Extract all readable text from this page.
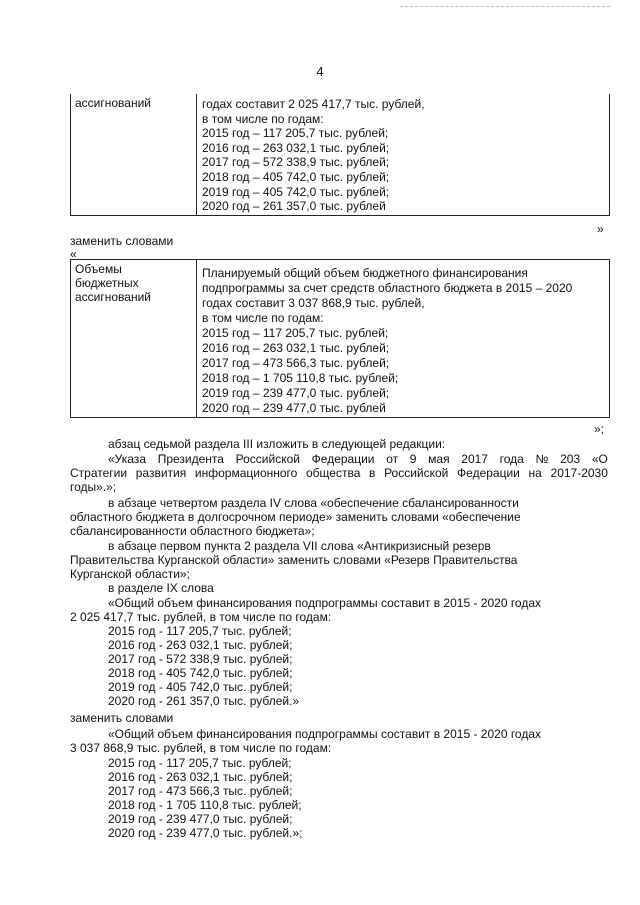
4
ассигнований	годах составит 2 025 417,7 тыс. рублей,
в том числе по годам:
2015 год – 117 205,7 тыс. рублей;
2016 год – 263 032,1 тыс. рублей;
2017 год – 572 338,9 тыс. рублей;
2018 год – 405 742,0 тыс. рублей;
2019 год – 405 742,0 тыс. рублей;
2020 год – 261 357,0 тыс. рублей
»
заменить словами
«
Объемы
бюджетных
ассигнований
Планируемый общий объем бюджетного финансирования
подпрограммы за счет средств областного бюджета в 2015 – 2020
годах составит 3 037 868,9 тыс. рублей,
в том числе по годам:
2015 год – 117 205,7 тыс. рублей;
2016 год – 263 032,1 тыс. рублей;
2017 год – 473 566,3 тыс. рублей;
2018 год – 1 705 110,8 тыс. рублей;
2019 год – 239 477,0 тыс. рублей;
2020 год – 239 477,0 тыс. рублей
»;
абзац седьмой раздела III изложить в следующей редакции:
«Указа Президента Российской Федерации от 9 мая 2017 года № 203 «О
Стратегии развития информационного общества в Российской Федерации на 2017-2030
годы».»;
в абзаце четвертом раздела IV слова «обеспечение сбалансированности
областного бюджета в долгосрочном периоде» заменить словами «обеспечение
сбалансированности областного бюджета»;
в абзаце первом пункта 2 раздела VII слова «Антикризисный резерв
Правительства Курганской области» заменить словами «Резерв Правительства
Курганской области»;
в разделе IX слова
«Общий объем финансирования подпрограммы составит в 2015 - 2020 годах
2 025 417,7 тыс. рублей, в том числе по годам:
2015 год - 117 205,7 тыс. рублей;
2016 год - 263 032,1 тыс. рублей;
2017 год - 572 338,9 тыс. рублей;
2018 год - 405 742,0 тыс. рублей;
2019 год - 405 742,0 тыс. рублей;
2020 год - 261 357,0 тыс. рублей.»
заменить словами
«Общий объем финансирования подпрограммы составит в 2015 - 2020 годах
3 037 868,9 тыс. рублей, в том числе по годам:
2015 год - 117 205,7 тыс. рублей;
2016 год - 263 032,1 тыс. рублей;
2017 год - 473 566,3 тыс. рублей;
2018 год - 1 705 110,8 тыс. рублей;
2019 год - 239 477,0 тыс. рублей;
2020 год - 239 477,0 тыс. рублей.»;
